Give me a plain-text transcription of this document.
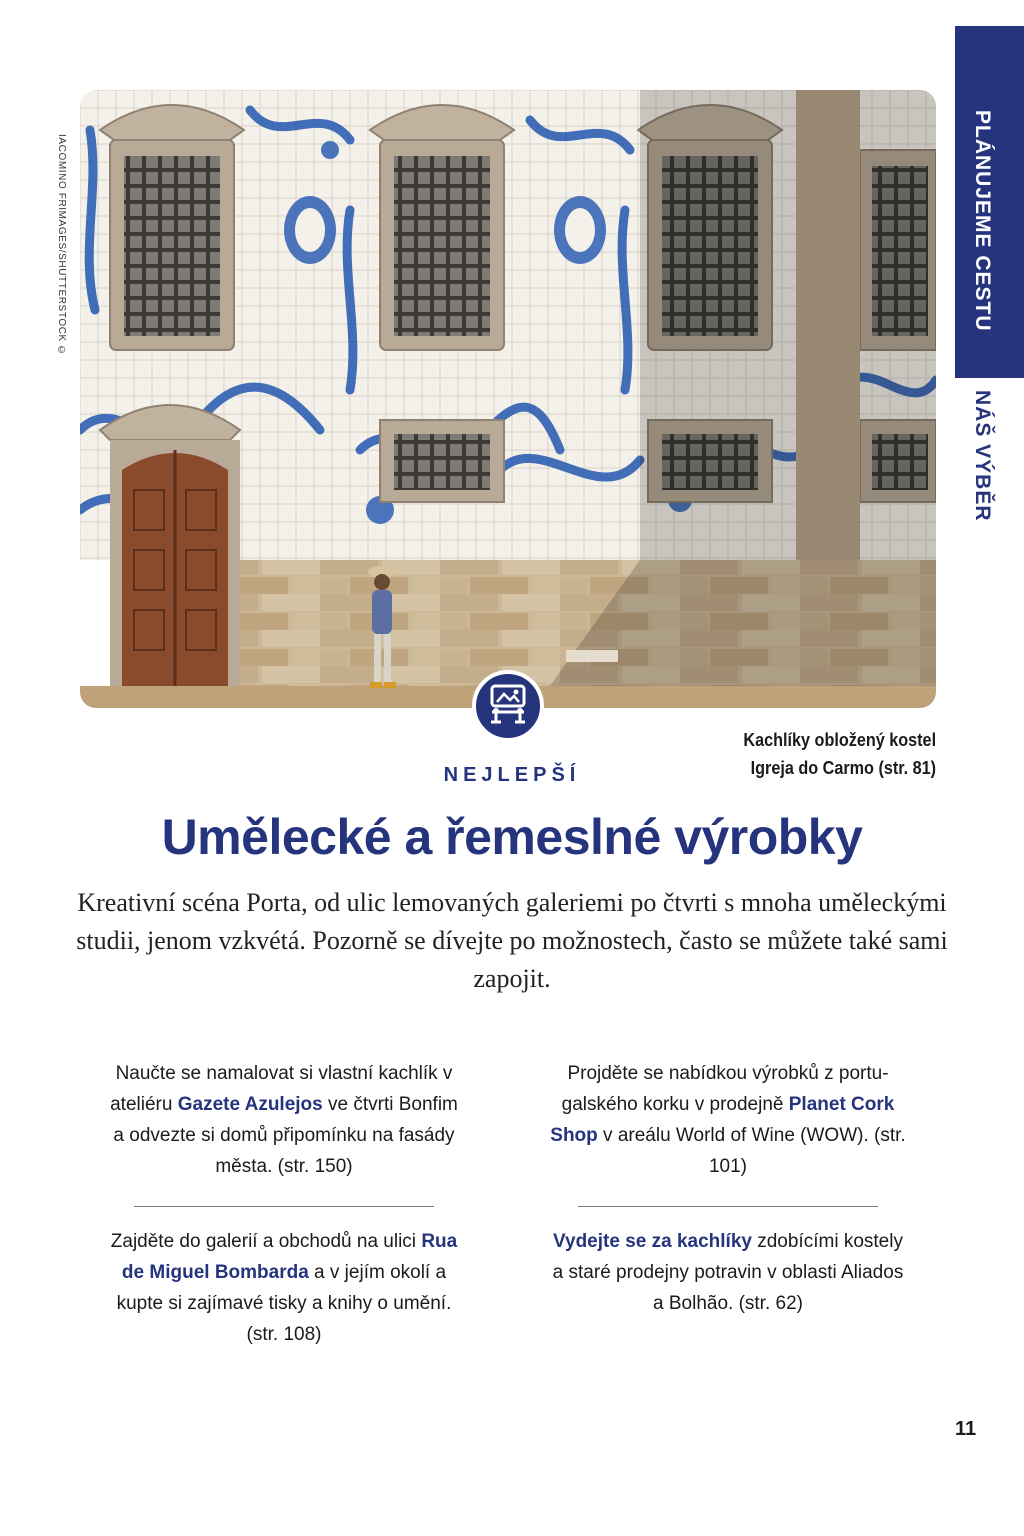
PLÁNUJEME CESTU
NÁŠ VÝBĚR
IACOMINO FRIMAGES/SHUTTERSTOCK ©
Kachlíky obložený kostel
Igreja do Carmo (str. 81)
NEJLEPŠÍ
Umělecké a řemeslné výrobky
Kreativní scéna Porta, od ulic lemovaných galeriemi po čtvrti s mnoha uměleckými studii, jenom vzkvétá. Pozorně se dívejte po možnostech, často se můžete také sami zapojit.
Naučte se namalovat si vlastní kachlík v ateliéru Gazete Azulejos ve čtvrti Bonfim a odvezte si domů připomínku na fasády města. (str. 150)
Projděte se nabídkou výrobků z portugalského korku v prodejně Planet Cork Shop v areálu World of Wine (WOW). (str. 101)
Zajděte do galerií a obchodů na ulici Rua de Miguel Bombarda a v jejím okolí a kupte si zajímavé tisky a knihy o umění. (str. 108)
Vydejte se za kachlíky zdobícími kostely a staré prodejny potravin v oblasti Aliados a Bolhão. (str. 62)
11
